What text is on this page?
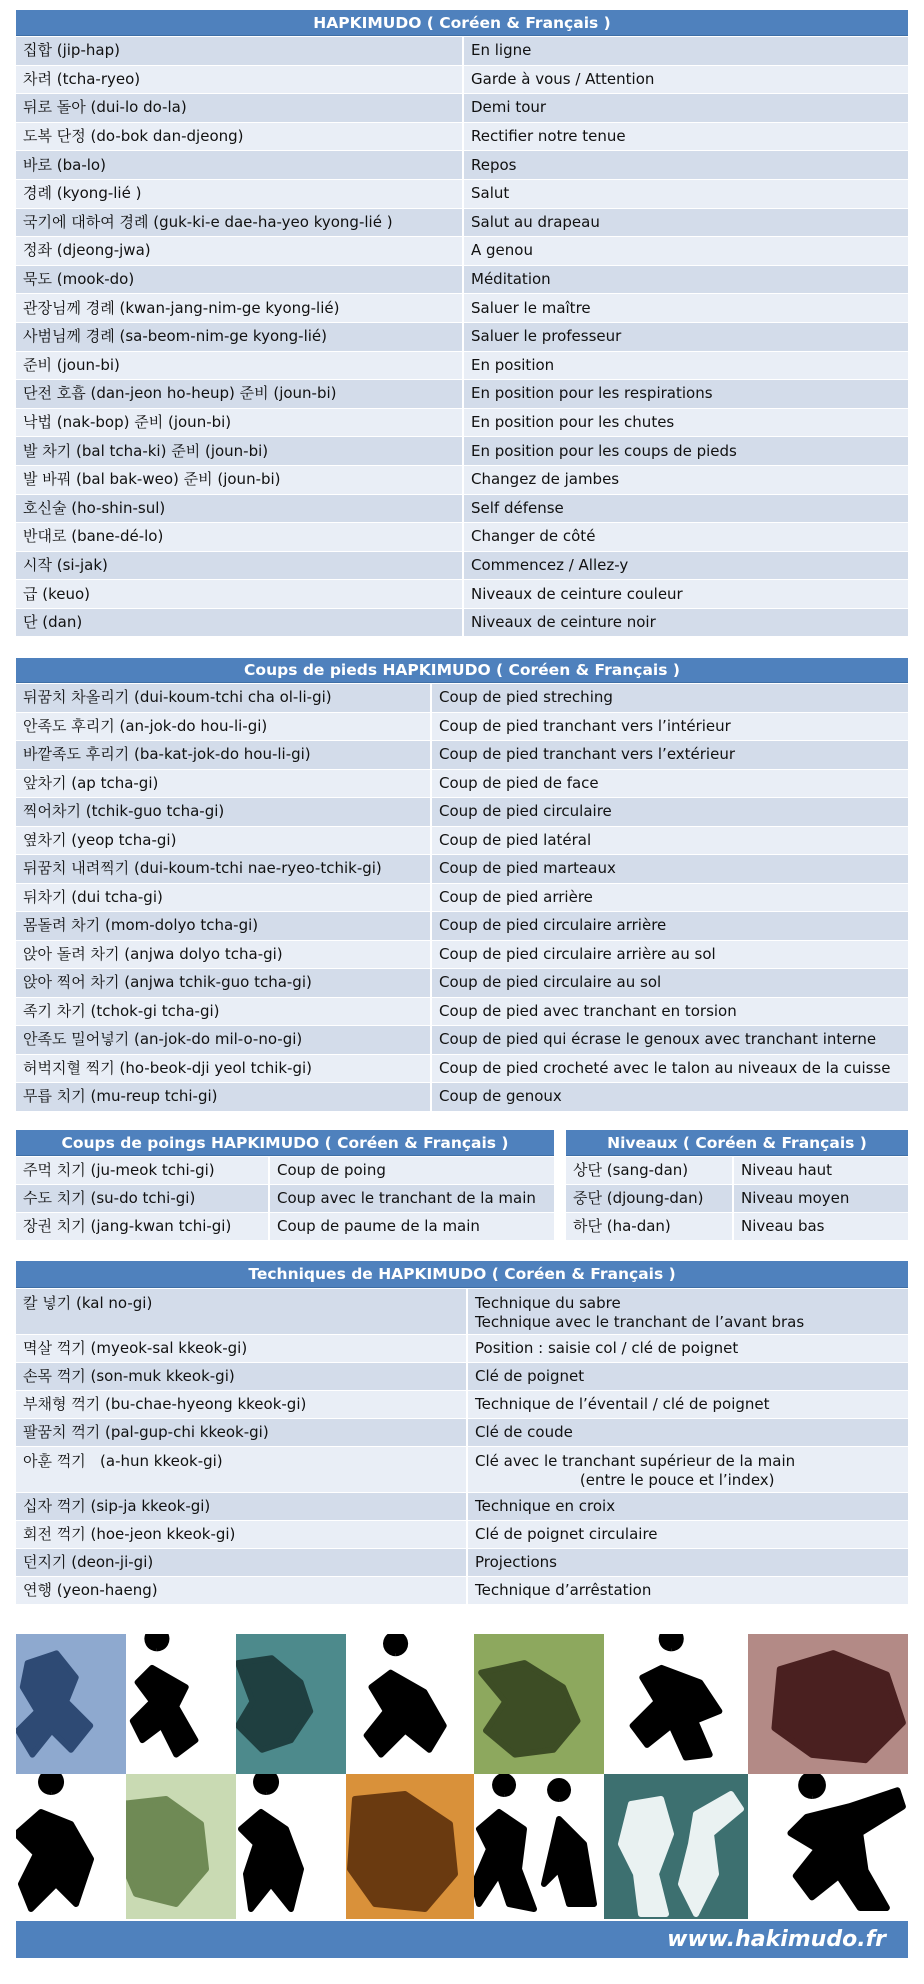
HAPKIMUDO ( Coréen & Français )
집합 (jip-hap)	En ligne
차려 (tcha-ryeo)	Garde à vous / Attention
뒤로 돌아 (dui-lo do-la)	Demi tour
도복 단정 (do-bok dan-djeong)	Rectifier notre tenue
바로 (ba-lo)	Repos
경례 (kyong-lié )	Salut
국기에 대하여 경례 (guk-ki-e dae-ha-yeo kyong-lié )	Salut au drapeau
정좌 (djeong-jwa)	A genou
묵도 (mook-do)	Méditation
관장님께 경례 (kwan-jang-nim-ge kyong-lié)	Saluer le maître
사범님께 경례 (sa-beom-nim-ge kyong-lié)	Saluer le professeur
준비 (joun-bi)	En position
단전 호흡 (dan-jeon ho-heup) 준비 (joun-bi)	En position pour les respirations
낙법 (nak-bop) 준비 (joun-bi)	En position pour les chutes
발 차기 (bal tcha-ki) 준비 (joun-bi)	En position pour les coups de pieds
발 바꿔 (bal bak-weo) 준비 (joun-bi)	Changez de jambes
호신술 (ho-shin-sul)	Self défense
반대로 (bane-dé-lo)	Changer de côté
시작 (si-jak)	Commencez / Allez-y
급 (keuo)	Niveaux de ceinture couleur
단 (dan)	Niveaux de ceinture noir
Coups de pieds HAPKIMUDO ( Coréen & Français )
뒤꿈치 차올리기 (dui-koum-tchi cha ol-li-gi)	Coup de pied streching
안족도 후리기 (an-jok-do hou-li-gi)	Coup de pied tranchant vers l’intérieur
바깥족도 후리기 (ba-kat-jok-do hou-li-gi)	Coup de pied tranchant vers l’extérieur
앞차기 (ap tcha-gi)	Coup de pied de face
찍어차기 (tchik-guo tcha-gi)	Coup de pied circulaire
옆차기 (yeop tcha-gi)	Coup de pied latéral
뒤꿈치 내려찍기 (dui-koum-tchi nae-ryeo-tchik-gi)	Coup de pied marteaux
뒤차기 (dui tcha-gi)	Coup de pied arrière
몸돌려 차기 (mom-dolyo tcha-gi)	Coup de pied circulaire arrière
앉아 돌려 차기 (anjwa dolyo tcha-gi)	Coup de pied circulaire arrière au sol
앉아 찍어 차기 (anjwa tchik-guo tcha-gi)	Coup de pied circulaire au sol
족기 차기 (tchok-gi tcha-gi)	Coup de pied avec tranchant en torsion
안족도 밀어넣기 (an-jok-do mil-o-no-gi)	Coup de pied qui écrase le genoux avec tranchant interne
허벅지혈 찍기 (ho-beok-dji yeol tchik-gi)	Coup de pied crocheté avec le talon au niveaux de la cuisse
무릅 치기 (mu-reup tchi-gi)	Coup de genoux
Coups de poings HAPKIMUDO ( Coréen & Français )
주먹 치기 (ju-meok tchi-gi)	Coup de poing
수도 치기 (su-do tchi-gi)	Coup avec le tranchant de la main
장권 치기 (jang-kwan tchi-gi)	Coup de paume de la main
Niveaux ( Coréen & Français )
상단 (sang-dan)	Niveau haut
중단 (djoung-dan)	Niveau moyen
하단 (ha-dan)	Niveau bas
Techniques de HAPKIMUDO ( Coréen & Français )
칼 넣기 (kal no-gi)	Technique du sabre
Technique avec le tranchant de l’avant bras
멱살 꺽기 (myeok-sal kkeok-gi)	Position : saisie col / clé de poignet
손목 꺽기 (son-muk kkeok-gi)	Clé de poignet
부채형 꺽기 (bu-chae-hyeong kkeok-gi)	Technique de l’éventail / clé de poignet
팔꿈치 꺽기 (pal-gup-chi kkeok-gi)	Clé de coude
아훈 꺽기   (a-hun kkeok-gi)	Clé avec le tranchant supérieur de la main
(entre le pouce et l’index)
십자 꺽기 (sip-ja kkeok-gi)	Technique en croix
회전 꺽기 (hoe-jeon kkeok-gi)	Clé de poignet circulaire
던지기 (deon-ji-gi)	Projections
연행 (yeon-haeng)	Technique d’arrêstation
www.hakimudo.fr
